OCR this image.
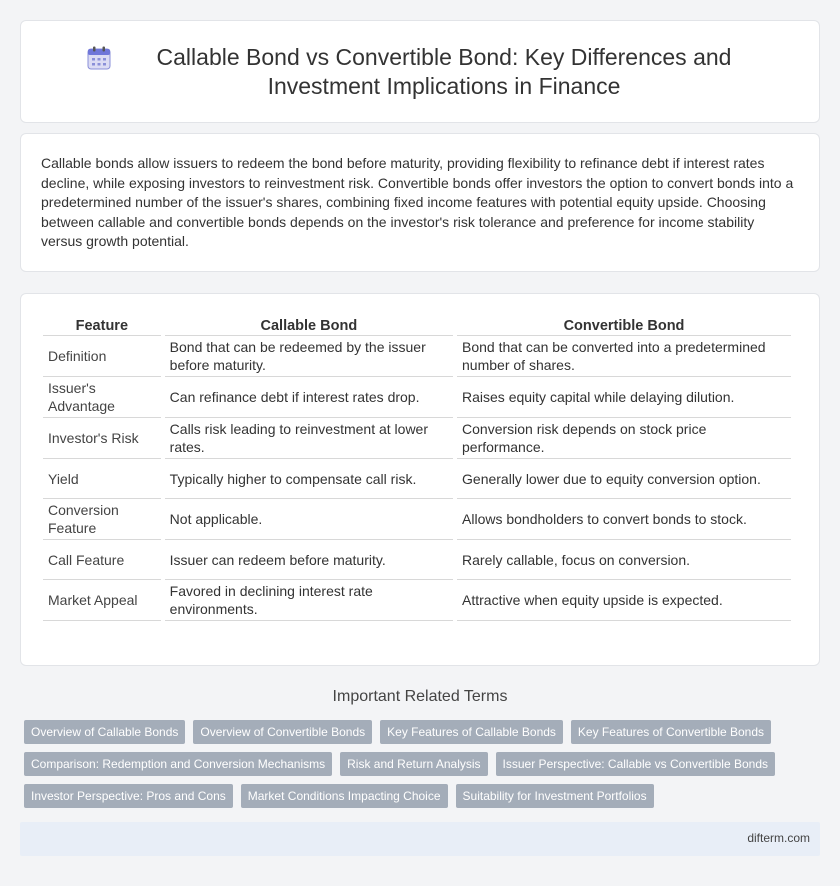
Callable Bond vs Convertible Bond: Key Differences and Investment Implications in Finance

Callable bonds allow issuers to redeem the bond before maturity, providing flexibility to refinance debt if interest rates decline, while exposing investors to reinvestment risk. Convertible bonds offer investors the option to convert bonds into a predetermined number of the issuer's shares, combining fixed income features with potential equity upside. Choosing between callable and convertible bonds depends on the investor's risk tolerance and preference for income stability versus growth potential.

Feature	Callable Bond	Convertible Bond
Definition	Bond that can be redeemed by the issuer before maturity.	Bond that can be converted into a predetermined number of shares.
Issuer's Advantage	Can refinance debt if interest rates drop.	Raises equity capital while delaying dilution.
Investor's Risk	Calls risk leading to reinvestment at lower rates.	Conversion risk depends on stock price performance.
Yield	Typically higher to compensate call risk.	Generally lower due to equity conversion option.
Conversion Feature	Not applicable.	Allows bondholders to convert bonds to stock.
Call Feature	Issuer can redeem before maturity.	Rarely callable, focus on conversion.
Market Appeal	Favored in declining interest rate environments.	Attractive when equity upside is expected.
Important Related Terms
Overview of Callable Bonds	Overview of Convertible Bonds	Key Features of Callable Bonds	Key Features of Convertible Bonds
Comparison: Redemption and Conversion Mechanisms	Risk and Return Analysis	Issuer Perspective: Callable vs Convertible Bonds
Investor Perspective: Pros and Cons	Market Conditions Impacting Choice	Suitability for Investment Portfolios
difterm.com
